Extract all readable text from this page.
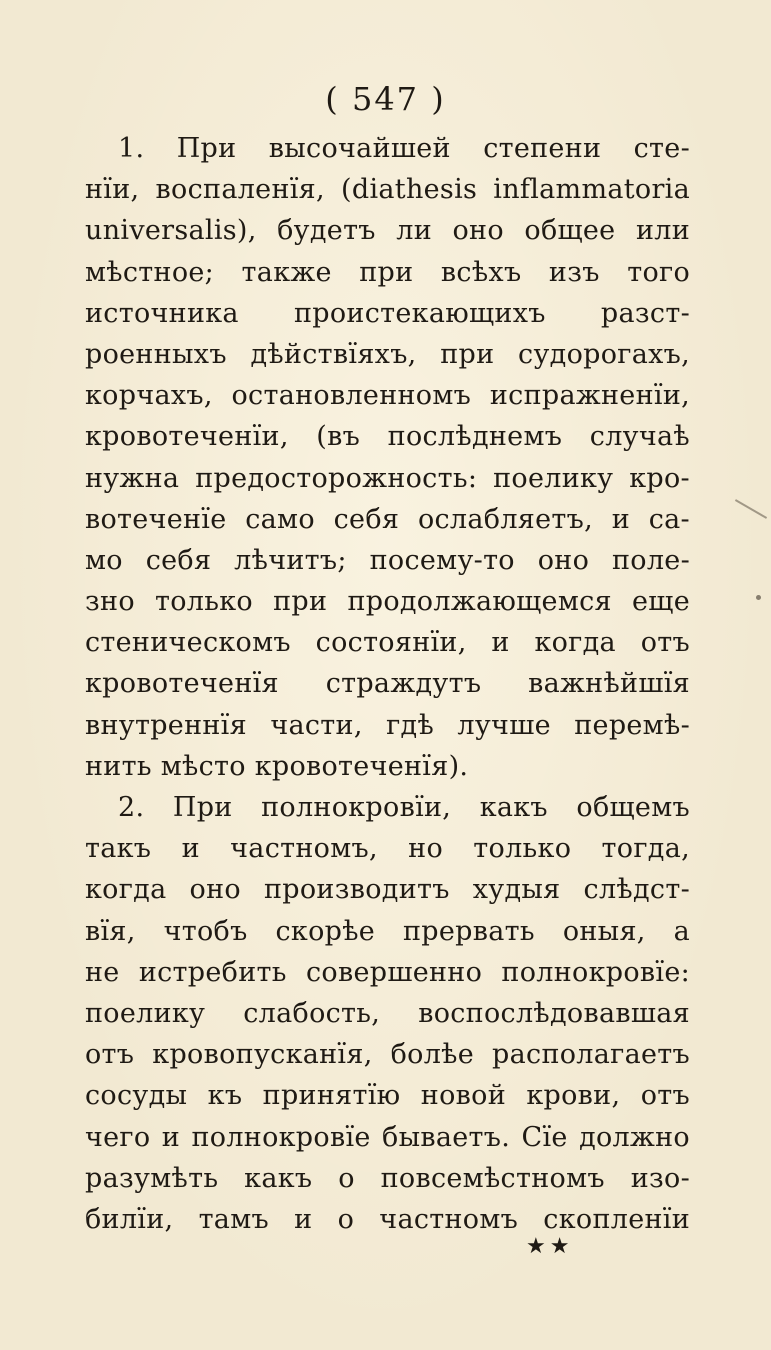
( 547 )
1. При высочайшей степени сте-
нїи, воспаленїя, (diathesis inflammatoria
universalis), будетъ ли оно общее или
мѣстное; также при всѣхъ изъ того
источника проистекающихъ разст-
роенныхъ дѣйствїяхъ, при судорогахъ,
корчахъ, остановленномъ испражненїи,
кровотеченїи, (въ послѣднемъ случаѣ
нужна предосторожность: поелику кро-
вотеченїе само себя ослабляетъ, и са-
мо себя лѣчитъ; посему-то оно поле-
зно только при продолжающемся еще
стеническомъ состоянїи, и когда отъ
кровотеченїя страждутъ важнѣйшїя
внутреннїя части, гдѣ лучше перемѣ-
нить мѣсто кровотеченїя).
2. При полнокровїи, какъ общемъ
такъ и частномъ, но только тогда,
когда оно производитъ худыя слѣдст-
вїя, чтобъ скорѣе прервать оныя, а
не истребить совершенно полнокровїе:
поелику слабость, воспослѣдовавшая
отъ кровопусканїя, болѣе располагаетъ
сосуды къ принятїю новой крови, отъ
чего и полнокровїе бываетъ. Сїе должно
разумѣть какъ о повсемѣстномъ изо-
билїи, тамъ и о частномъ скопленїи
★★
